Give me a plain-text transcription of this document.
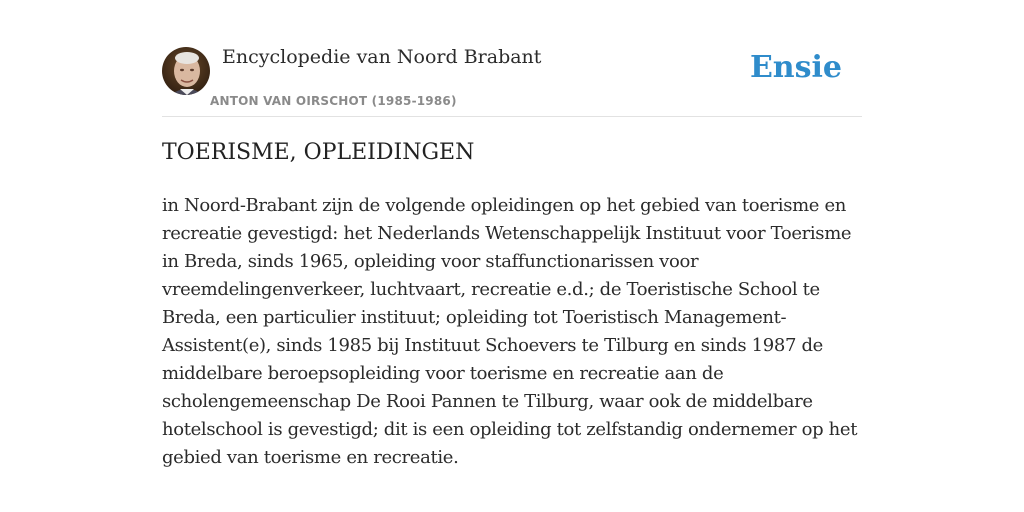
Encyclopedie van Noord Brabant
ANTON VAN OIRSCHOT (1985-1986)
Ensie
TOERISME, OPLEIDINGEN

in Noord-Brabant zijn de volgende opleidingen op het gebied van toerisme en recreatie gevestigd: het Nederlands Wetenschappelijk Instituut voor Toerisme in Breda, sinds 1965, opleiding voor staffunctionarissen voor vreemdelingenverkeer, luchtvaart, recreatie e.d.; de Toeristische School te Breda, een particulier instituut; opleiding tot Toeristisch Management-Assistent(e), sinds 1985 bij Instituut Schoevers te Tilburg en sinds 1987 de middelbare beroepsopleiding voor toerisme en recreatie aan de scholengemeenschap De Rooi Pannen te Tilburg, waar ook de middelbare hotelschool is gevestigd; dit is een opleiding tot zelfstandig ondernemer op het gebied van toerisme en recreatie.
